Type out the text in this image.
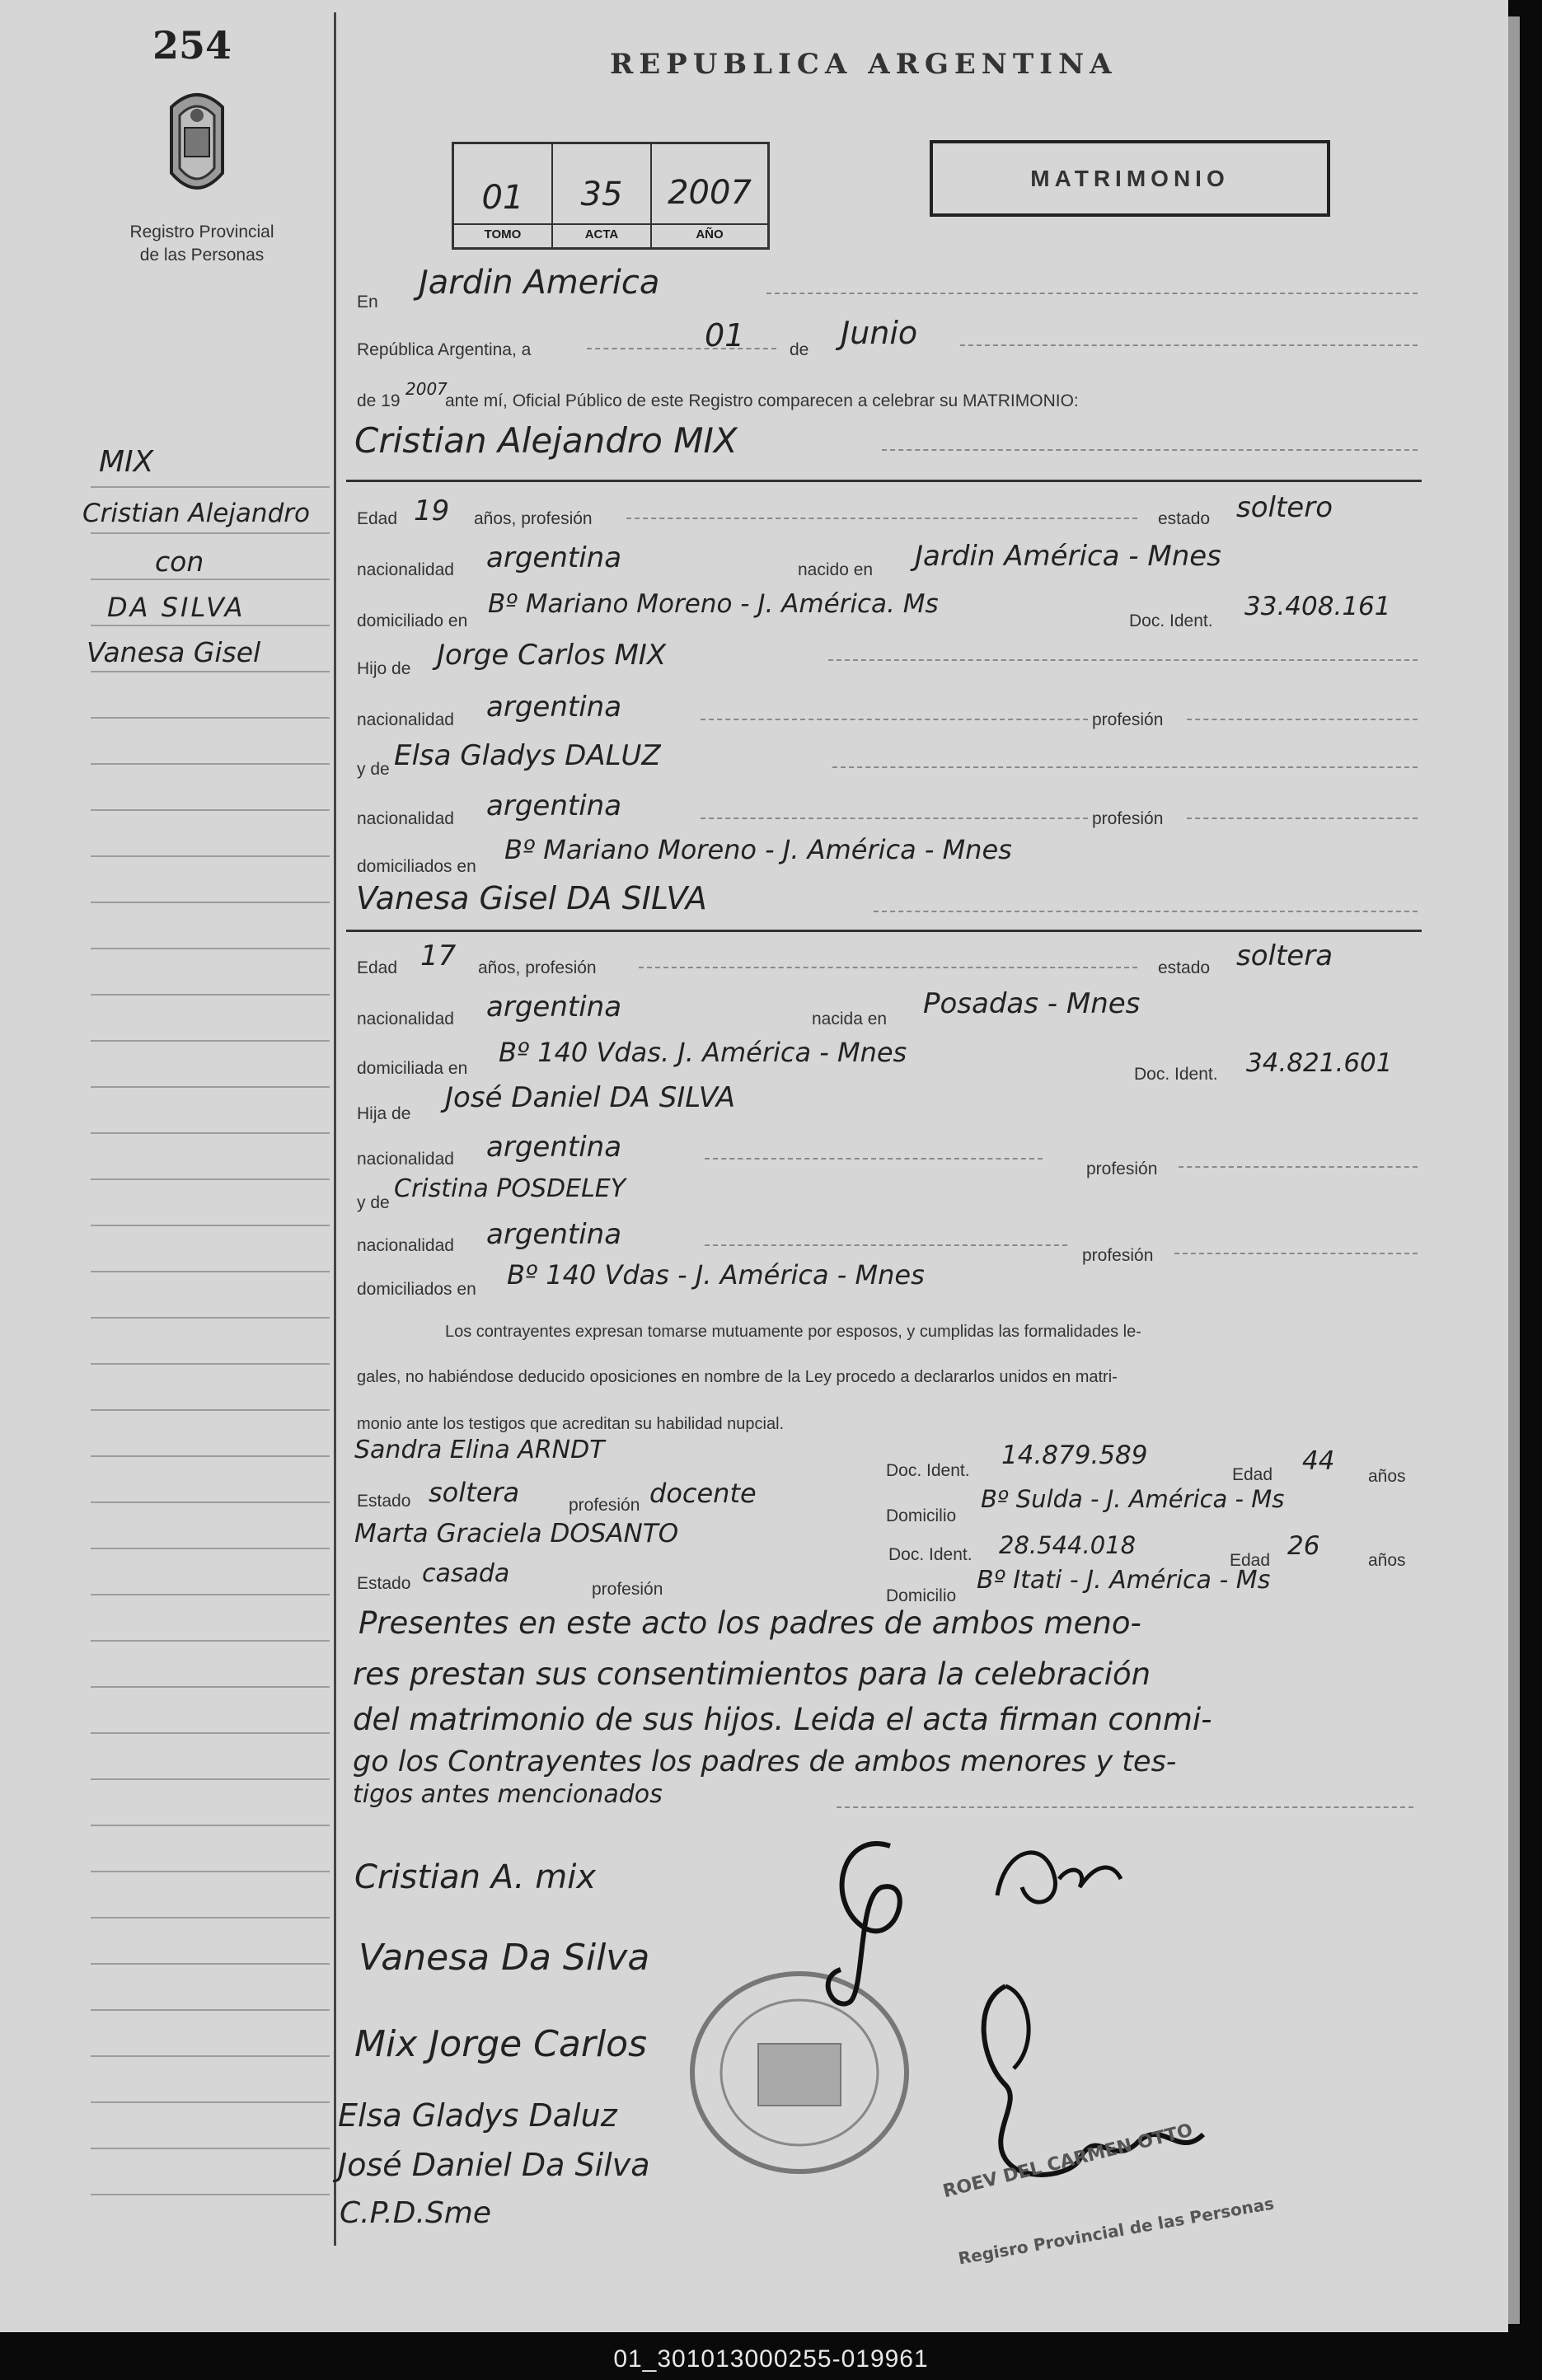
254
Registro Provincial
de las Personas
REPUBLICA ARGENTINA
01
TOMO
35
ACTA
2007
AÑO
MATRIMONIO
MIX
Cristian Alejandro
con
DA SILVA
Vanesa Gisel
En
Jardin America
República Argentina, a	01	de Junio
de 19
2007
ante mí, Oficial Público de este Registro comparecen a celebrar su MATRIMONIO:
Cristian Alejandro MIX
Edad 19 años, profesión	estado soltero
nacionalidad argentina	nacido en Jardin América - Mnes
domiciliado en
Bº Mariano Moreno - J. América. Ms
Doc. Ident. 33.408.161
Hijo de Jorge Carlos MIX
nacionalidad argentina	profesión
y de Elsa Gladys DALUZ
nacionalidad argentina	profesión
domiciliados en
Bº Mariano Moreno - J. América - Mnes
Vanesa Gisel DA SILVA
Edad 17 años, profesión	estado soltera
nacionalidad argentina	nacida en Posadas - Mnes
domiciliada en
Bº 140 Vdas. J. América - Mnes
Doc. Ident. 34.821.601
Hija de José Daniel DA SILVA
nacionalidad argentina
profesión
y de Cristina POSDELEY
nacionalidad argentina
profesión
domiciliados en Bº 140 Vdas - J. América - Mnes
Los contrayentes expresan tomarse mutuamente por esposos, y cumplidas las formalidades le-
gales, no habiéndose deducido oposiciones en nombre de la Ley procedo a declararlos unidos en matri-
monio ante los testigos que acreditan su habilidad nupcial.
Sandra Elina ARNDT
Doc. Ident.
14.879.589
Edad 44
años
Estado soltera	profesión docente
Domicilio
Bº Sulda - J. América - Ms
Marta Graciela DOSANTO
Doc. Ident. 28.544.018
Edad 26	años
Estado casada
profesión	Domicilio
Bº Itati - J. América - Ms
Presentes en este acto los padres de ambos meno-
res prestan sus consentimientos para la celebración
del matrimonio de sus hijos. Leida el acta firman conmi-
go los Contrayentes los padres de ambos menores y tes-
tigos antes mencionados
Cristian A. mix
Vanesa Da Silva
Mix Jorge Carlos
Elsa Gladys Daluz
José Daniel Da Silva
C.P.D.Sme
ROEV DEL CARMEN OTTO
Regisro Provincial de las Personas
01_301013000255-019961
